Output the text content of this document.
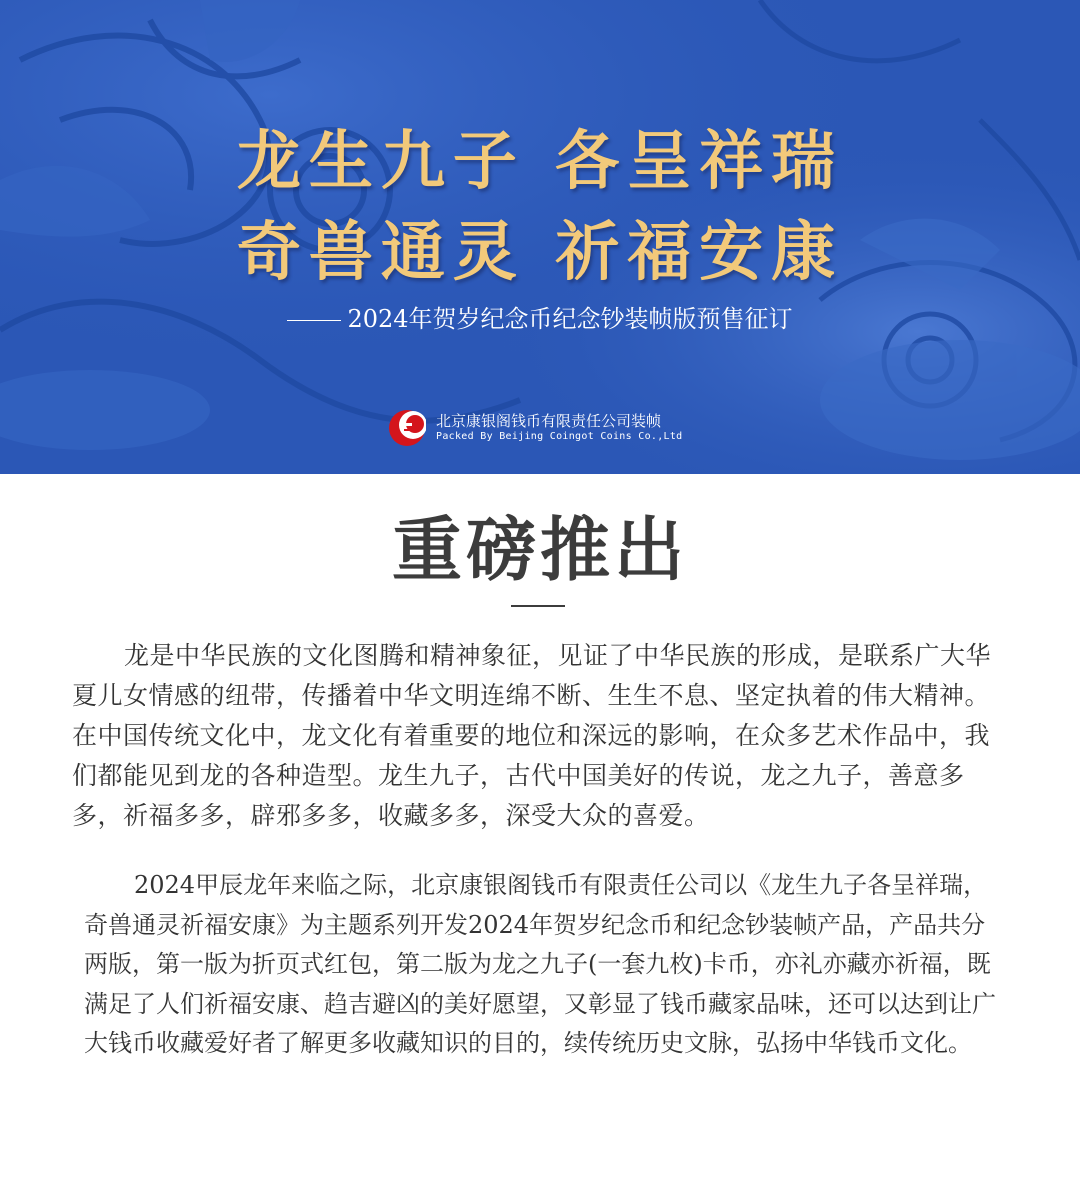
龙生九子 各呈祥瑞
奇兽通灵 祈福安康
2024年贺岁纪念币纪念钞装帧版预售征订
北京康银阁钱币有限责任公司装帧
Packed By Beijing Coingot Coins Co.,Ltd
重磅推出
龙是中华民族的文化图腾和精神象征，见证了中华民族的形成，是联系广大华夏儿女情感的纽带，传播着中华文明连绵不断、生生不息、坚定执着的伟大精神。在中国传统文化中，龙文化有着重要的地位和深远的影响，在众多艺术作品中，我们都能见到龙的各种造型。龙生九子，古代中国美好的传说，龙之九子，善意多多，祈福多多，辟邪多多，收藏多多，深受大众的喜爱。
2024甲辰龙年来临之际，北京康银阁钱币有限责任公司以《龙生九子各呈祥瑞，奇兽通灵祈福安康》为主题系列开发2024年贺岁纪念币和纪念钞装帧产品，产品共分两版，第一版为折页式红包，第二版为龙之九子(一套九枚)卡币，亦礼亦藏亦祈福，既满足了人们祈福安康、趋吉避凶的美好愿望，又彰显了钱币藏家品味，还可以达到让广大钱币收藏爱好者了解更多收藏知识的目的，续传统历史文脉，弘扬中华钱币文化。
